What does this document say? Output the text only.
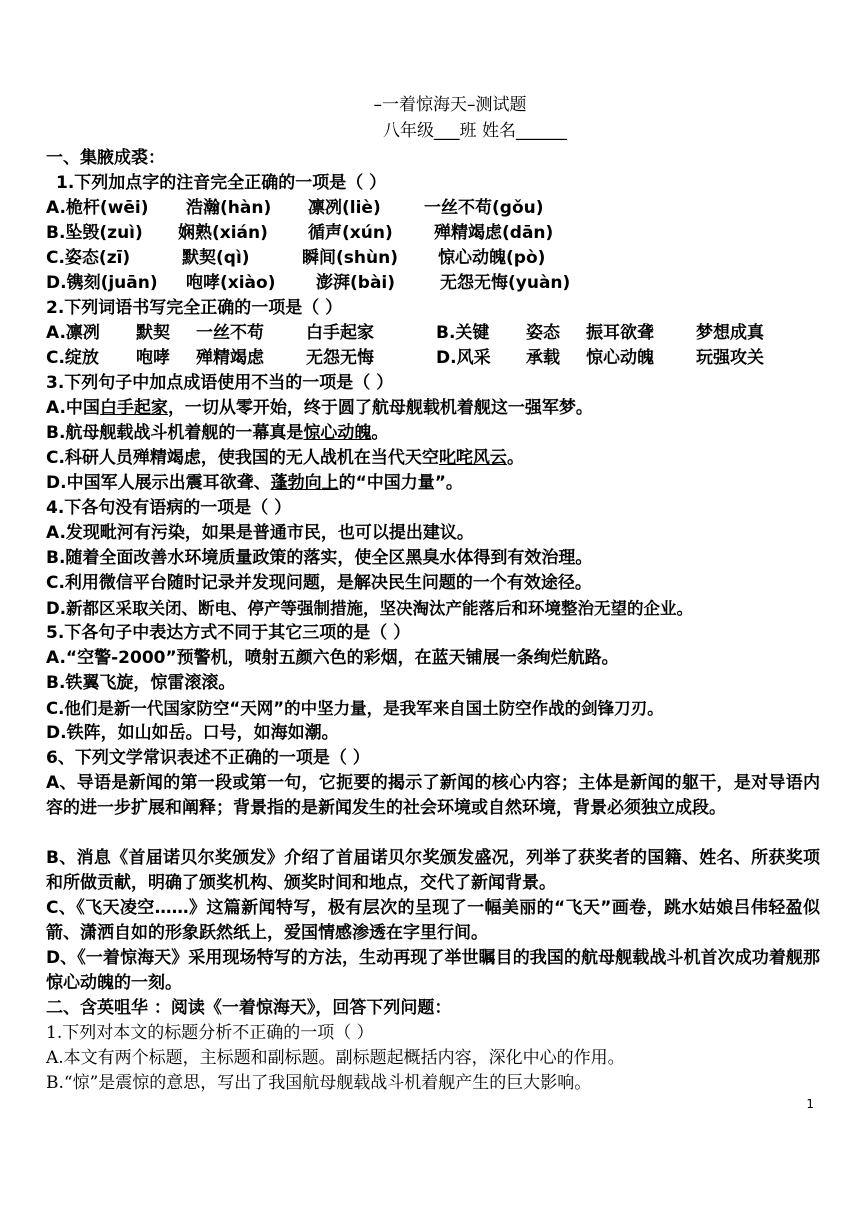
–一着惊海天–测试题
八年级___班 姓名______
一、集腋成裘：
1.下列加点字的注音完全正确的一项是（ ）
A.桅杆(wēi)	浩瀚(hàn)	凛冽(liè)	一丝不苟(gǒu)
B.坠毁(zuì)	娴熟(xián)	循声(xún)	殚精竭虑(dān)
C.姿态(zī)	默契(qì)	瞬间(shùn)	惊心动魄(pò)
D.镌刻(juān)	咆哮(xiào)	澎湃(bài)	无怨无悔(yuàn)
2.下列词语书写完全正确的一项是（ ）
A.凛冽	默契	一丝不苟	白手起家	B.关键	姿态	振耳欲聋	梦想成真
C.绽放	咆哮	殚精竭虑	无怨无悔	D.风采	承载	惊心动魄	玩强攻关
3.下列句子中加点成语使用不当的一项是（ ）
A.中国白手起家，一切从零开始，终于圆了航母舰载机着舰这一强军梦。
B.航母舰载战斗机着舰的一幕真是惊心动魄。
C.科研人员殚精竭虑，使我国的无人战机在当代天空叱咤风云。
D.中国军人展示出震耳欲聋、蓬勃向上的“中国力量”。
4.下各句没有语病的一项是（ ）
A.发现毗河有污染，如果是普通市民，也可以提出建议。
B.随着全面改善水环境质量政策的落实，使全区黑臭水体得到有效治理。
C.利用微信平台随时记录并发现问题，是解决民生问题的一个有效途径。
D.新都区采取关闭、断电、停产等强制措施，坚决淘汰产能落后和环境整治无望的企业。
5.下各句子中表达方式不同于其它三项的是（ ）
A.“空警-2000”预警机，喷射五颜六色的彩烟，在蓝天铺展一条绚烂航路。
B.铁翼飞旋，惊雷滚滚。
C.他们是新一代国家防空“天网”的中坚力量，是我军来自国土防空作战的剑锋刀刃。
D.铁阵，如山如岳。口号，如海如潮。
6、下列文学常识表述不正确的一项是（ ）
A、导语是新闻的第一段或第一句，它扼要的揭示了新闻的核心内容；主体是新闻的躯干，是对导语内容的进一步扩展和阐释；背景指的是新闻发生的社会环境或自然环境，背景必须独立成段。
B、消息《首届诺贝尔奖颁发》介绍了首届诺贝尔奖颁发盛况，列举了获奖者的国籍、姓名、所获奖项和所做贡献，明确了颁奖机构、颁奖时间和地点，交代了新闻背景。
C、《飞天凌空……》这篇新闻特写，极有层次的呈现了一幅美丽的“飞天”画卷，跳水姑娘吕伟轻盈似箭、潇洒自如的形象跃然纸上，爱国情感渗透在字里行间。
D、《一着惊海天》采用现场特写的方法，生动再现了举世瞩目的我国的航母舰载战斗机首次成功着舰那惊心动魄的一刻。
二、含英咀华 ：阅读《一着惊海天》，回答下列问题：
1.下列对本文的标题分析不正确的一项（ ）
A.本文有两个标题，主标题和副标题。副标题起概括内容，深化中心的作用。
B.“惊”是震惊的意思，写出了我国航母舰载战斗机着舰产生的巨大影响。
1
